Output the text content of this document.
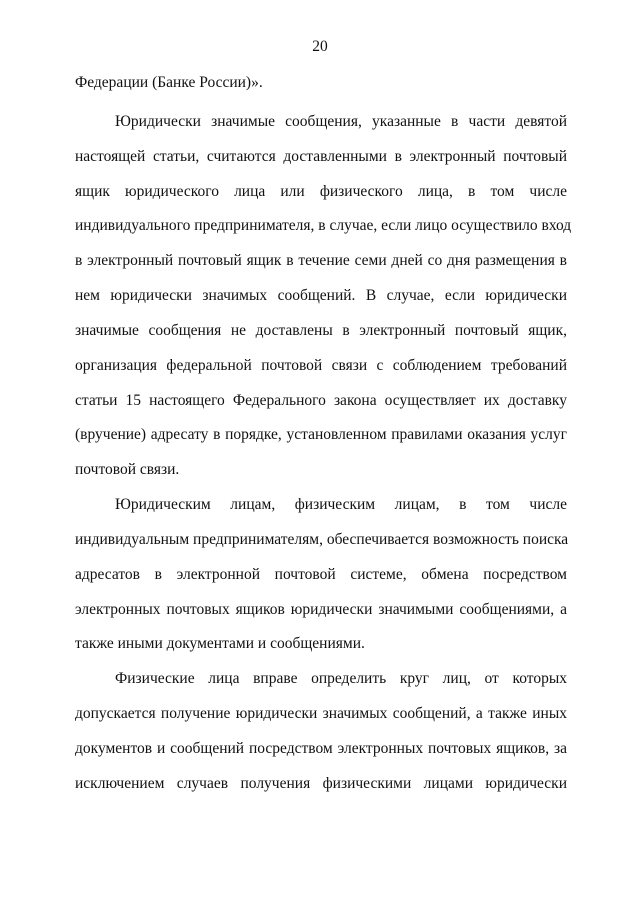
20
Федерации (Банке России)».
Юридически значимые сообщения, указанные в части девятой
настоящей статьи, считаются доставленными в электронный почтовый
ящик юридического лица или физического лица, в том числе
индивидуального предпринимателя, в случае, если лицо осуществило вход
в электронный почтовый ящик в течение семи дней со дня размещения в
нем юридически значимых сообщений. В случае, если юридически
значимые сообщения не доставлены в электронный почтовый ящик,
организация федеральной почтовой связи с соблюдением требований
статьи 15 настоящего Федерального закона осуществляет их доставку
(вручение) адресату в порядке, установленном правилами оказания услуг
почтовой связи.
Юридическим лицам, физическим лицам, в том числе
индивидуальным предпринимателям, обеспечивается возможность поиска
адресатов в электронной почтовой системе, обмена посредством
электронных почтовых ящиков юридически значимыми сообщениями, а
также иными документами и сообщениями.
Физические лица вправе определить круг лиц, от которых
допускается получение юридически значимых сообщений, а также иных
документов и сообщений посредством электронных почтовых ящиков, за
исключением случаев получения физическими лицами юридически
